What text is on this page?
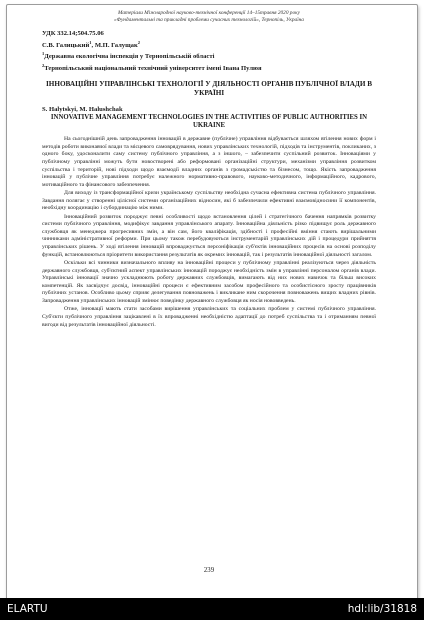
Матеріали Міжнародної науково-технічної конференції 14–15травня 2020 року
«Фундаментальні та прикладні проблеми сучасних технологій», Тернопіль, Україна
УДК 332.14;504.75.06
С.В. Галицький$^1$, М.П. Галущак$^2$
$^1$Державна екологічна інспекція у Тернопільській області
$^2$Тернопільський національний технічний університет імені Івана Пулюя
ІННОВАЦІЙНІ УПРАВЛІНСЬКІ ТЕХНОЛОГІЇ У ДІЯЛЬНОСТІ ОРГАНІВ ПУБЛІЧНОЇ ВЛАДИ В УКРАЇНІ
S. Halytskyi, M. Halushchak
INNOVATIVE MANAGEMENT TECHNOLOGIES IN THE ACTIVITIES OF PUBLIC AUTHORITIES IN UKRAINE

На сьогоднішній день запровадження інновацій в державне (публічне) управління відбувається шляхом втілення нових форм і методів роботи виконавчої влади та місцевого самоврядування, нових управлінських технологій, підходів та інструментів, покликаних, з одного боку, удосконалити саму систему публічного управління, а з іншого, – забезпечити суспільний розвиток. Інноваціями у публічному управлінні можуть бути новостворені або реформовані організаційні структури, механізми управління розвитком суспільства і територій, нові підходи щодо взаємодії владних органів з громадськістю та бізнесом, тощо. Якість запровадження інновацій у публічне управління потребує належного нормативно-правового, науково-методичного, інформаційного, кадрового, мотиваційного та фінансового забезпечення.

Для виходу із трансформаційної кризи українському суспільству необхідна сучасна ефективна система публічного управління. Завдання полягає у створенні цілісної системи організаційних відносин, які б забезпечили ефективні взаємовідносини її компонентів, необхідну координацію і субординацію між ними.

Інноваційний розвиток породжує певні особливості щодо встановлення цілей і стратегічного бачення напрямків розвитку системи публічного управління, модифікує завдання управлінського апарату. Інноваційна діяльність різко підвищує роль державного службовця як менеджера прогресивних змін, а він сам, його кваліфікація, здібності і професійні вміння стають вирішальними чинниками адміністративної реформи. При цьому також перебудовуються інструментарій управлінських дій і процедури прийняття управлінських рішень. У ході втілення інновацій впроваджується персоніфікація суб'єктів інноваційних процесів на основі розподілу функцій, встановлюються пріоритети використання результатів як окремих інновацій, так і результатів інноваційної діяльності загалом.

Оскільки всі чинники визначального впливу на інноваційні процеси у публічному управлінні реалізуються через діяльність державного службовця, суб'єктний аспект управлінських інновацій породжує необхідність змін в управлінні персоналом органів влади. Управлінські інновації значно ускладнюють роботу державних службовців, вимагають від них нових навичок та більш високих компетенцій. Як засвідчує досвід, інноваційні процеси є ефективним засобом професійного та особистісного зросту працівників публічних установ. Особливо цьому сприяє делегування повноважень і викликане ним скорочення повноважень вищих владних рівнів. Запровадження управлінських інновацій змінює поведінку державного службовця як носія нововведень.

Отже, інновації мають стати засобами вирішення управлінських та соціальних проблем у системі публічного управління. Суб'єкти публічного управління зацікавлені в їх впровадженні необхідністю адаптації до потреб суспільства та і отриманням певної вигоди від результатів інноваційної діяльності.

239
ELARTU	hdl:lib/31818
